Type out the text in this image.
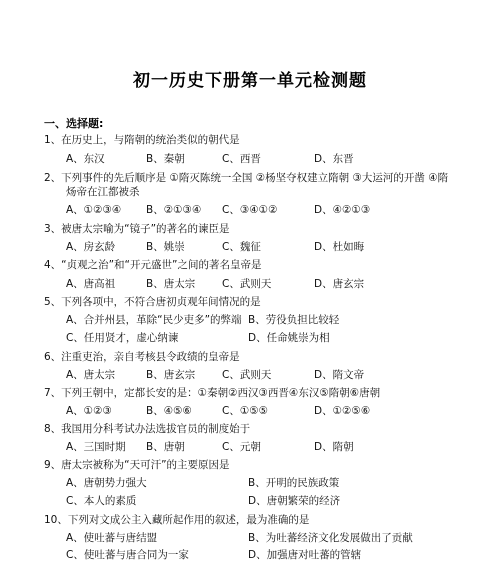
初一历史下册第一单元检测题
一、选择题:
1、在历史上，与隋朝的统治类似的朝代是
A、东汉	B、秦朝	C、西晋	D、东晋
2、下列事件的先后顺序是 ①隋灭陈统一全国 ②杨坚夺权建立隋朝 ③大运河的开凿 ④隋
炀帝在江都被杀
A、①②③④ B、②①③④ C、③④①②	D、④②①③
3、被唐太宗喻为“镜子”的著名的谏臣是
A、房玄龄	B、姚崇	C、魏征	D、杜如晦
4、“贞观之治”和“开元盛世”之间的著名皇帝是
A、唐高祖	B、唐太宗	C、武则天	D、唐玄宗
5、下列各项中，不符合唐初贞观年间情况的是
A、合并州县，革除“民少吏多”的弊端 B、劳役负担比较轻
C、任用贤才，虚心纳谏	D、任命姚崇为相
6、注重吏治，亲自考核县令政绩的皇帝是
A、唐太宗	B、唐玄宗	C、武则天	D、隋文帝
7、下列王朝中，定都长安的是：①秦朝②西汉③西晋④东汉⑤隋朝⑥唐朝
A、①②③	B、④⑤⑥	C、①⑤⑤	D、①②⑤⑥
8、我国用分科考试办法选拔官员的制度始于
A、三国时期 B、唐朝	C、元朝	D、隋朝
9、唐太宗被称为“天可汗”的主要原因是
A、唐朝势力强大	B、开明的民族政策
C、本人的素质	D、唐朝繁荣的经济
10、下列对文成公主入藏所起作用的叙述，最为准确的是
A、使吐蕃与唐结盟	B、为吐蕃经济文化发展做出了贡献
C、使吐蕃与唐合同为一家	D、加强唐对吐蕃的管辖
